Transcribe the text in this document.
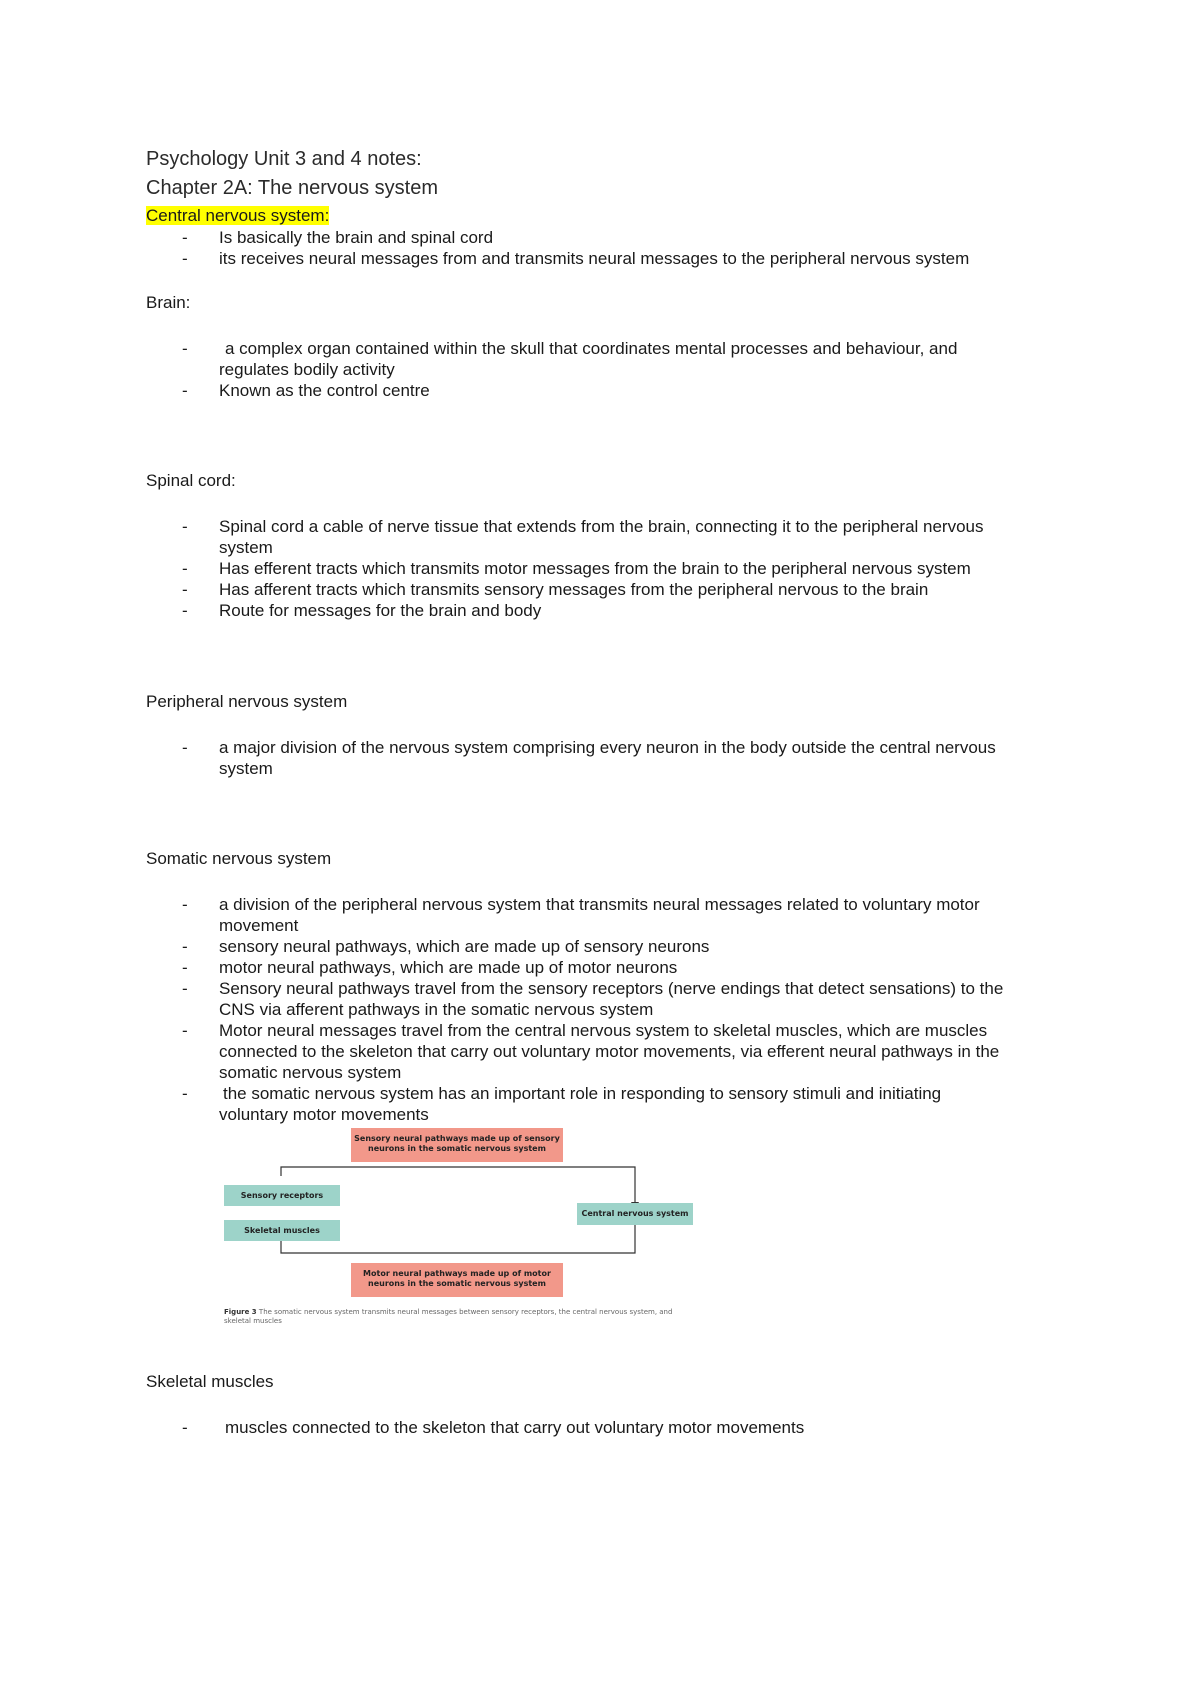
Psychology Unit 3 and 4 notes:
Chapter 2A: The nervous system
Central nervous system:
- Is basically the brain and spinal cord
- its receives neural messages from and transmits neural messages to the peripheral nervous system
Brain:
- a complex organ contained within the skull that coordinates mental processes and behaviour, and
regulates bodily activity
- Known as the control centre
Spinal cord:
- Spinal cord a cable of nerve tissue that extends from the brain, connecting it to the peripheral nervous
system
- Has efferent tracts which transmits motor messages from the brain to the peripheral nervous system
- Has afferent tracts which transmits sensory messages from the peripheral nervous to the brain
- Route for messages for the brain and body
Peripheral nervous system
- a major division of the nervous system comprising every neuron in the body outside the central nervous
system
Somatic nervous system
- a division of the peripheral nervous system that transmits neural messages related to voluntary motor
movement
- sensory neural pathways, which are made up of sensory neurons
- motor neural pathways, which are made up of motor neurons
- Sensory neural pathways travel from the sensory receptors (nerve endings that detect sensations) to the
CNS via afferent pathways in the somatic nervous system
- Motor neural messages travel from the central nervous system to skeletal muscles, which are muscles
connected to the skeleton that carry out voluntary motor movements, via efferent neural pathways in the
somatic nervous system
- the somatic nervous system has an important role in responding to sensory stimuli and initiating
voluntary motor movements
Sensory neural pathways made up of sensory neurons in the somatic nervous system
Sensory receptors
Skeletal muscles
Central nervous system
Motor neural pathways made up of motor neurons in the somatic nervous system
Figure 3 The somatic nervous system transmits neural messages between sensory receptors, the central nervous system, and skeletal muscles
Skeletal muscles
- muscles connected to the skeleton that carry out voluntary motor movements
